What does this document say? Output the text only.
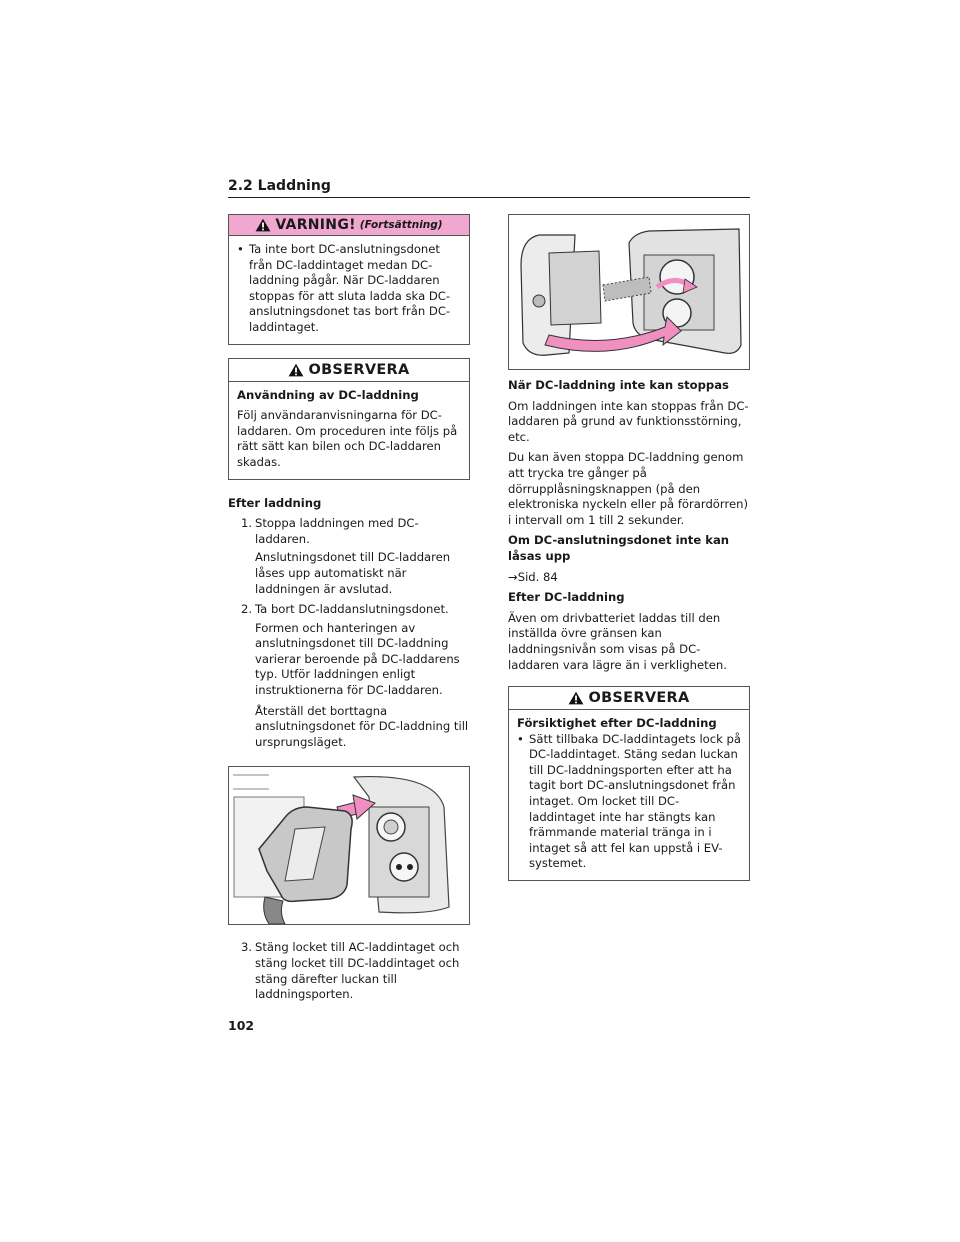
2.2 Laddning
VARNING! (Fortsättning)
• Ta inte bort DC-anslutningsdonet från DC-laddintaget medan DC-laddning pågår. När DC-laddaren stoppas för att sluta ladda ska DC-anslutningsdonet tas bort från DC-laddintaget.
OBSERVERA

Användning av DC-laddning

Följ användaranvisningarna för DC-laddaren. Om proceduren inte följs på rätt sätt kan bilen och DC-laddaren skadas.

Efter laddning

1. Stoppa laddningen med DC-laddaren.

Anslutningsdonet till DC-laddaren låses upp automatiskt när laddningen är avslutad.

2. Ta bort DC-laddanslutningsdonet.

Formen och hanteringen av anslutningsdonet till DC-laddning varierar beroende på DC-laddarens typ. Utför laddningen enligt instruktionerna för DC-laddaren.

Återställ det borttagna anslutningsdonet för DC-laddning till ursprungsläget.

3. Stäng locket till AC-laddintaget och stäng locket till DC-laddintaget och stäng därefter luckan till laddningsporten.

När DC-laddning inte kan stoppas

Om laddningen inte kan stoppas från DC-laddaren på grund av funktionsstörning, etc.

Du kan även stoppa DC-laddning genom att trycka tre gånger på dörrupplåsningsknappen (på den elektroniska nyckeln eller på förardörren) i intervall om 1 till 2 sekunder.

Om DC-anslutningsdonet inte kan låsas upp

→Sid. 84

Efter DC-laddning

Även om drivbatteriet laddas till den inställda övre gränsen kan laddningsnivån som visas på DC-laddaren vara lägre än i verkligheten.

OBSERVERA

Försiktighet efter DC-laddning

• Sätt tillbaka DC-laddintagets lock på DC-laddintaget. Stäng sedan luckan till DC-laddningsporten efter att ha tagit bort DC-anslutningsdonet från intaget. Om locket till DC-laddintaget inte har stängts kan främmande material tränga in i intaget så att fel kan uppstå i EV-systemet.
102
